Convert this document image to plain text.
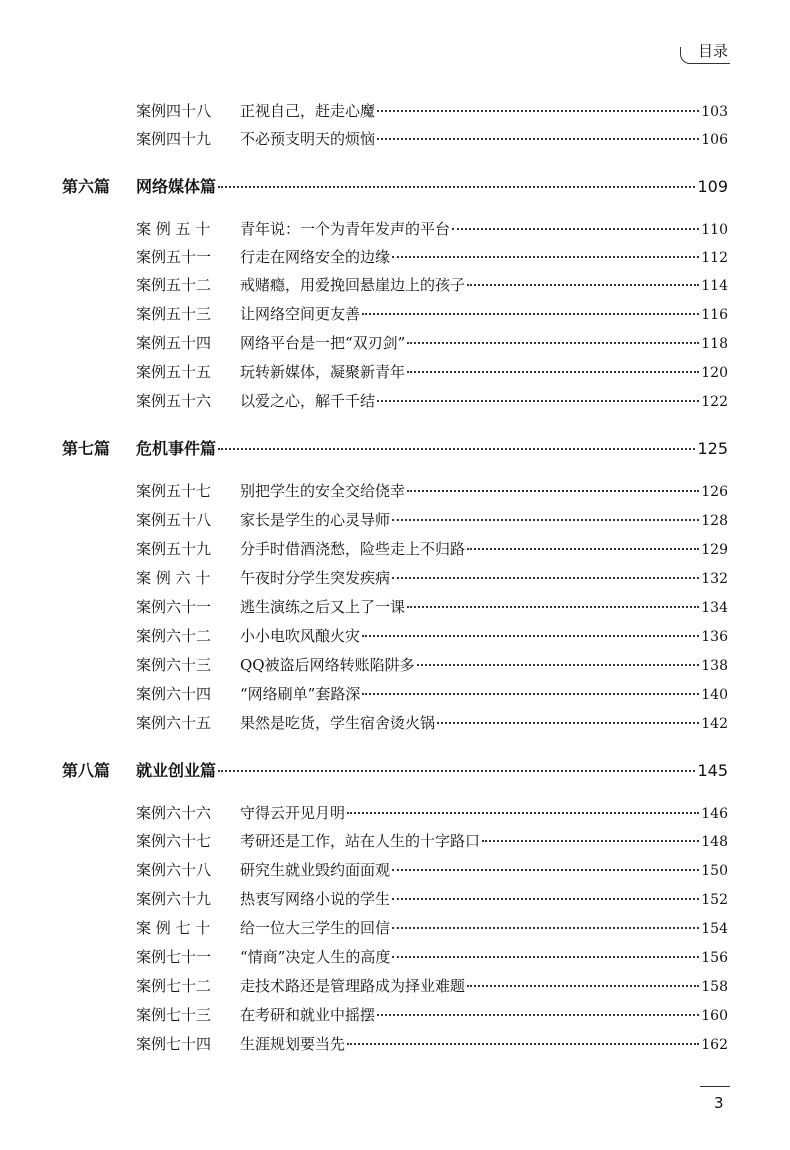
目录
案例四十八	正视自己，赶走心魔	103
案例四十九	不必预支明天的烦恼	106
第六篇	网络媒体篇	109
案 例 五 十	青年说：一个为青年发声的平台	110
案例五十一	行走在网络安全的边缘	112
案例五十二	戒赌瘾，用爱挽回悬崖边上的孩子	114
案例五十三	让网络空间更友善	116
案例五十四	网络平台是一把“双刃剑”	118
案例五十五	玩转新媒体，凝聚新青年	120
案例五十六	以爱之心，解千千结	122
第七篇	危机事件篇	125
案例五十七	别把学生的安全交给侥幸	126
案例五十八	家长是学生的心灵导师	128
案例五十九	分手时借酒浇愁，险些走上不归路	129
案 例 六 十	午夜时分学生突发疾病	132
案例六十一	逃生演练之后又上了一课	134
案例六十二	小小电吹风酿火灾	136
案例六十三	QQ被盗后网络转账陷阱多	138
案例六十四	“网络刷单”套路深	140
案例六十五	果然是吃货，学生宿舍烫火锅	142
第八篇	就业创业篇	145
案例六十六	守得云开见月明	146
案例六十七	考研还是工作，站在人生的十字路口	148
案例六十八	研究生就业毁约面面观	150
案例六十九	热衷写网络小说的学生	152
案 例 七 十	给一位大三学生的回信	154
案例七十一	“情商”决定人生的高度	156
案例七十二	走技术路还是管理路成为择业难题	158
案例七十三	在考研和就业中摇摆	160
案例七十四	生涯规划要当先	162
3
